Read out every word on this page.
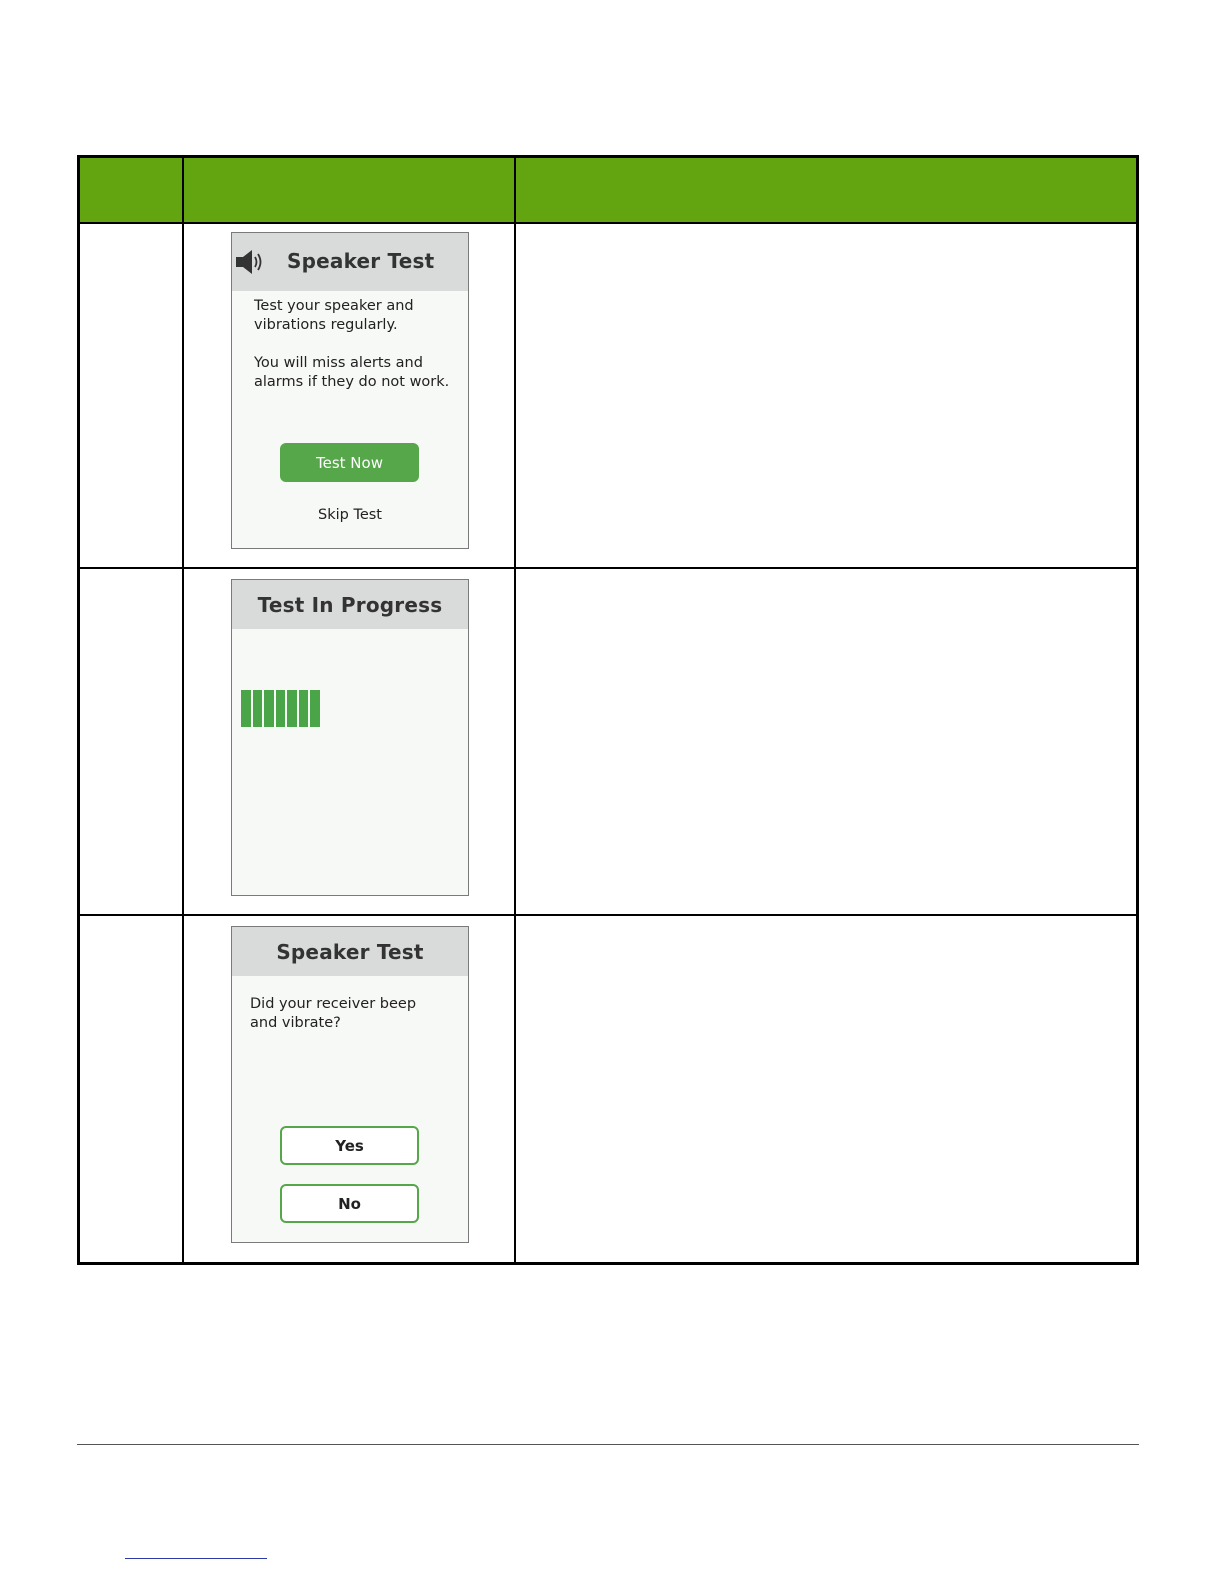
Speaker Test
Test your speaker and
vibrations regularly.
You will miss alerts and
alarms if they do not work.
Test Now
Skip Test
Test In Progress
Speaker Test
Did your receiver beep
and vibrate?
Yes
No
